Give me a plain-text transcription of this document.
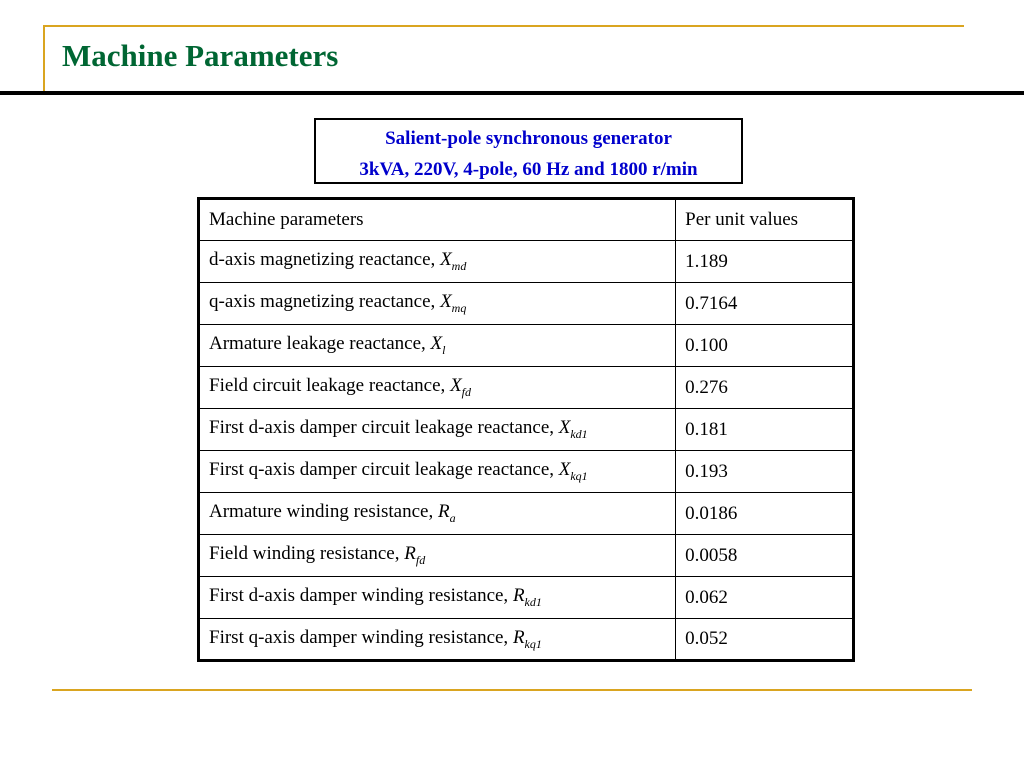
Machine Parameters
Salient-pole synchronous generator
3kVA, 220V, 4-pole, 60 Hz and 1800 r/min
Machine parameters	Per unit values
d-axis magnetizing reactance, $X_{md}$	1.189
q-axis magnetizing reactance, $X_{mq}$	0.7164
Armature leakage reactance, $X_l$	0.100
Field circuit leakage reactance, $X_{fd}$	0.276
First d-axis damper circuit leakage reactance, $X_{kd1}$	0.181
First q-axis damper circuit leakage reactance, $X_{kq1}$	0.193
Armature winding resistance, $R_a$	0.0186
Field winding resistance, $R_{fd}$	0.0058
First d-axis damper winding resistance, $R_{kd1}$	0.062
First q-axis damper winding resistance, $R_{kq1}$	0.052
